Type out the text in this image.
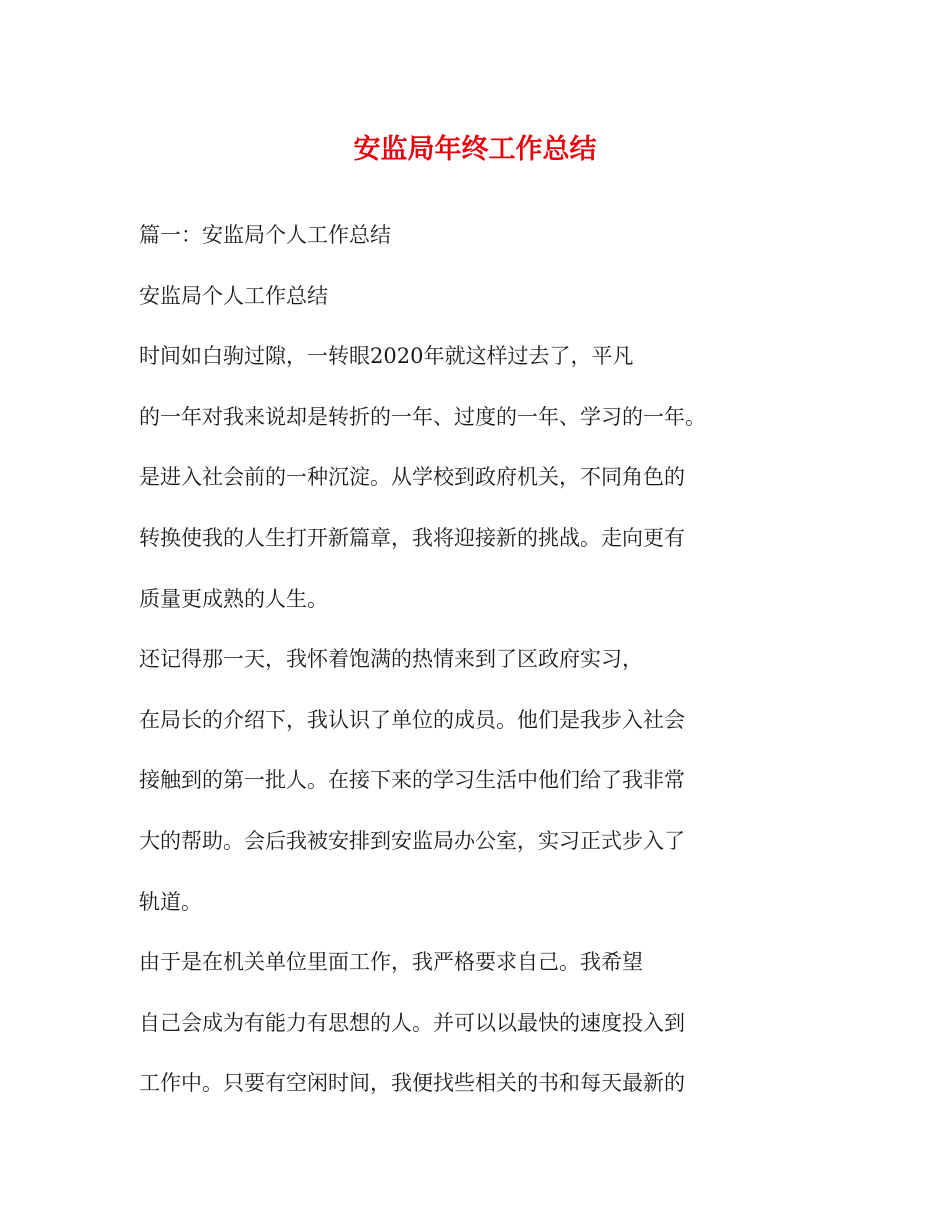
安监局年终工作总结

篇一：安监局个人工作总结

安监局个人工作总结

时间如白驹过隙，一转眼2020年就这样过去了，平凡

的一年对我来说却是转折的一年、过度的一年、学习的一年。

是进入社会前的一种沉淀。从学校到政府机关，不同角色的

转换使我的人生打开新篇章，我将迎接新的挑战。走向更有

质量更成熟的人生。

还记得那一天，我怀着饱满的热情来到了区政府实习，

在局长的介绍下，我认识了单位的成员。他们是我步入社会

接触到的第一批人。在接下来的学习生活中他们给了我非常

大的帮助。会后我被安排到安监局办公室，实习正式步入了

轨道。

由于是在机关单位里面工作，我严格要求自己。我希望

自己会成为有能力有思想的人。并可以以最快的速度投入到

工作中。只要有空闲时间，我便找些相关的书和每天最新的
